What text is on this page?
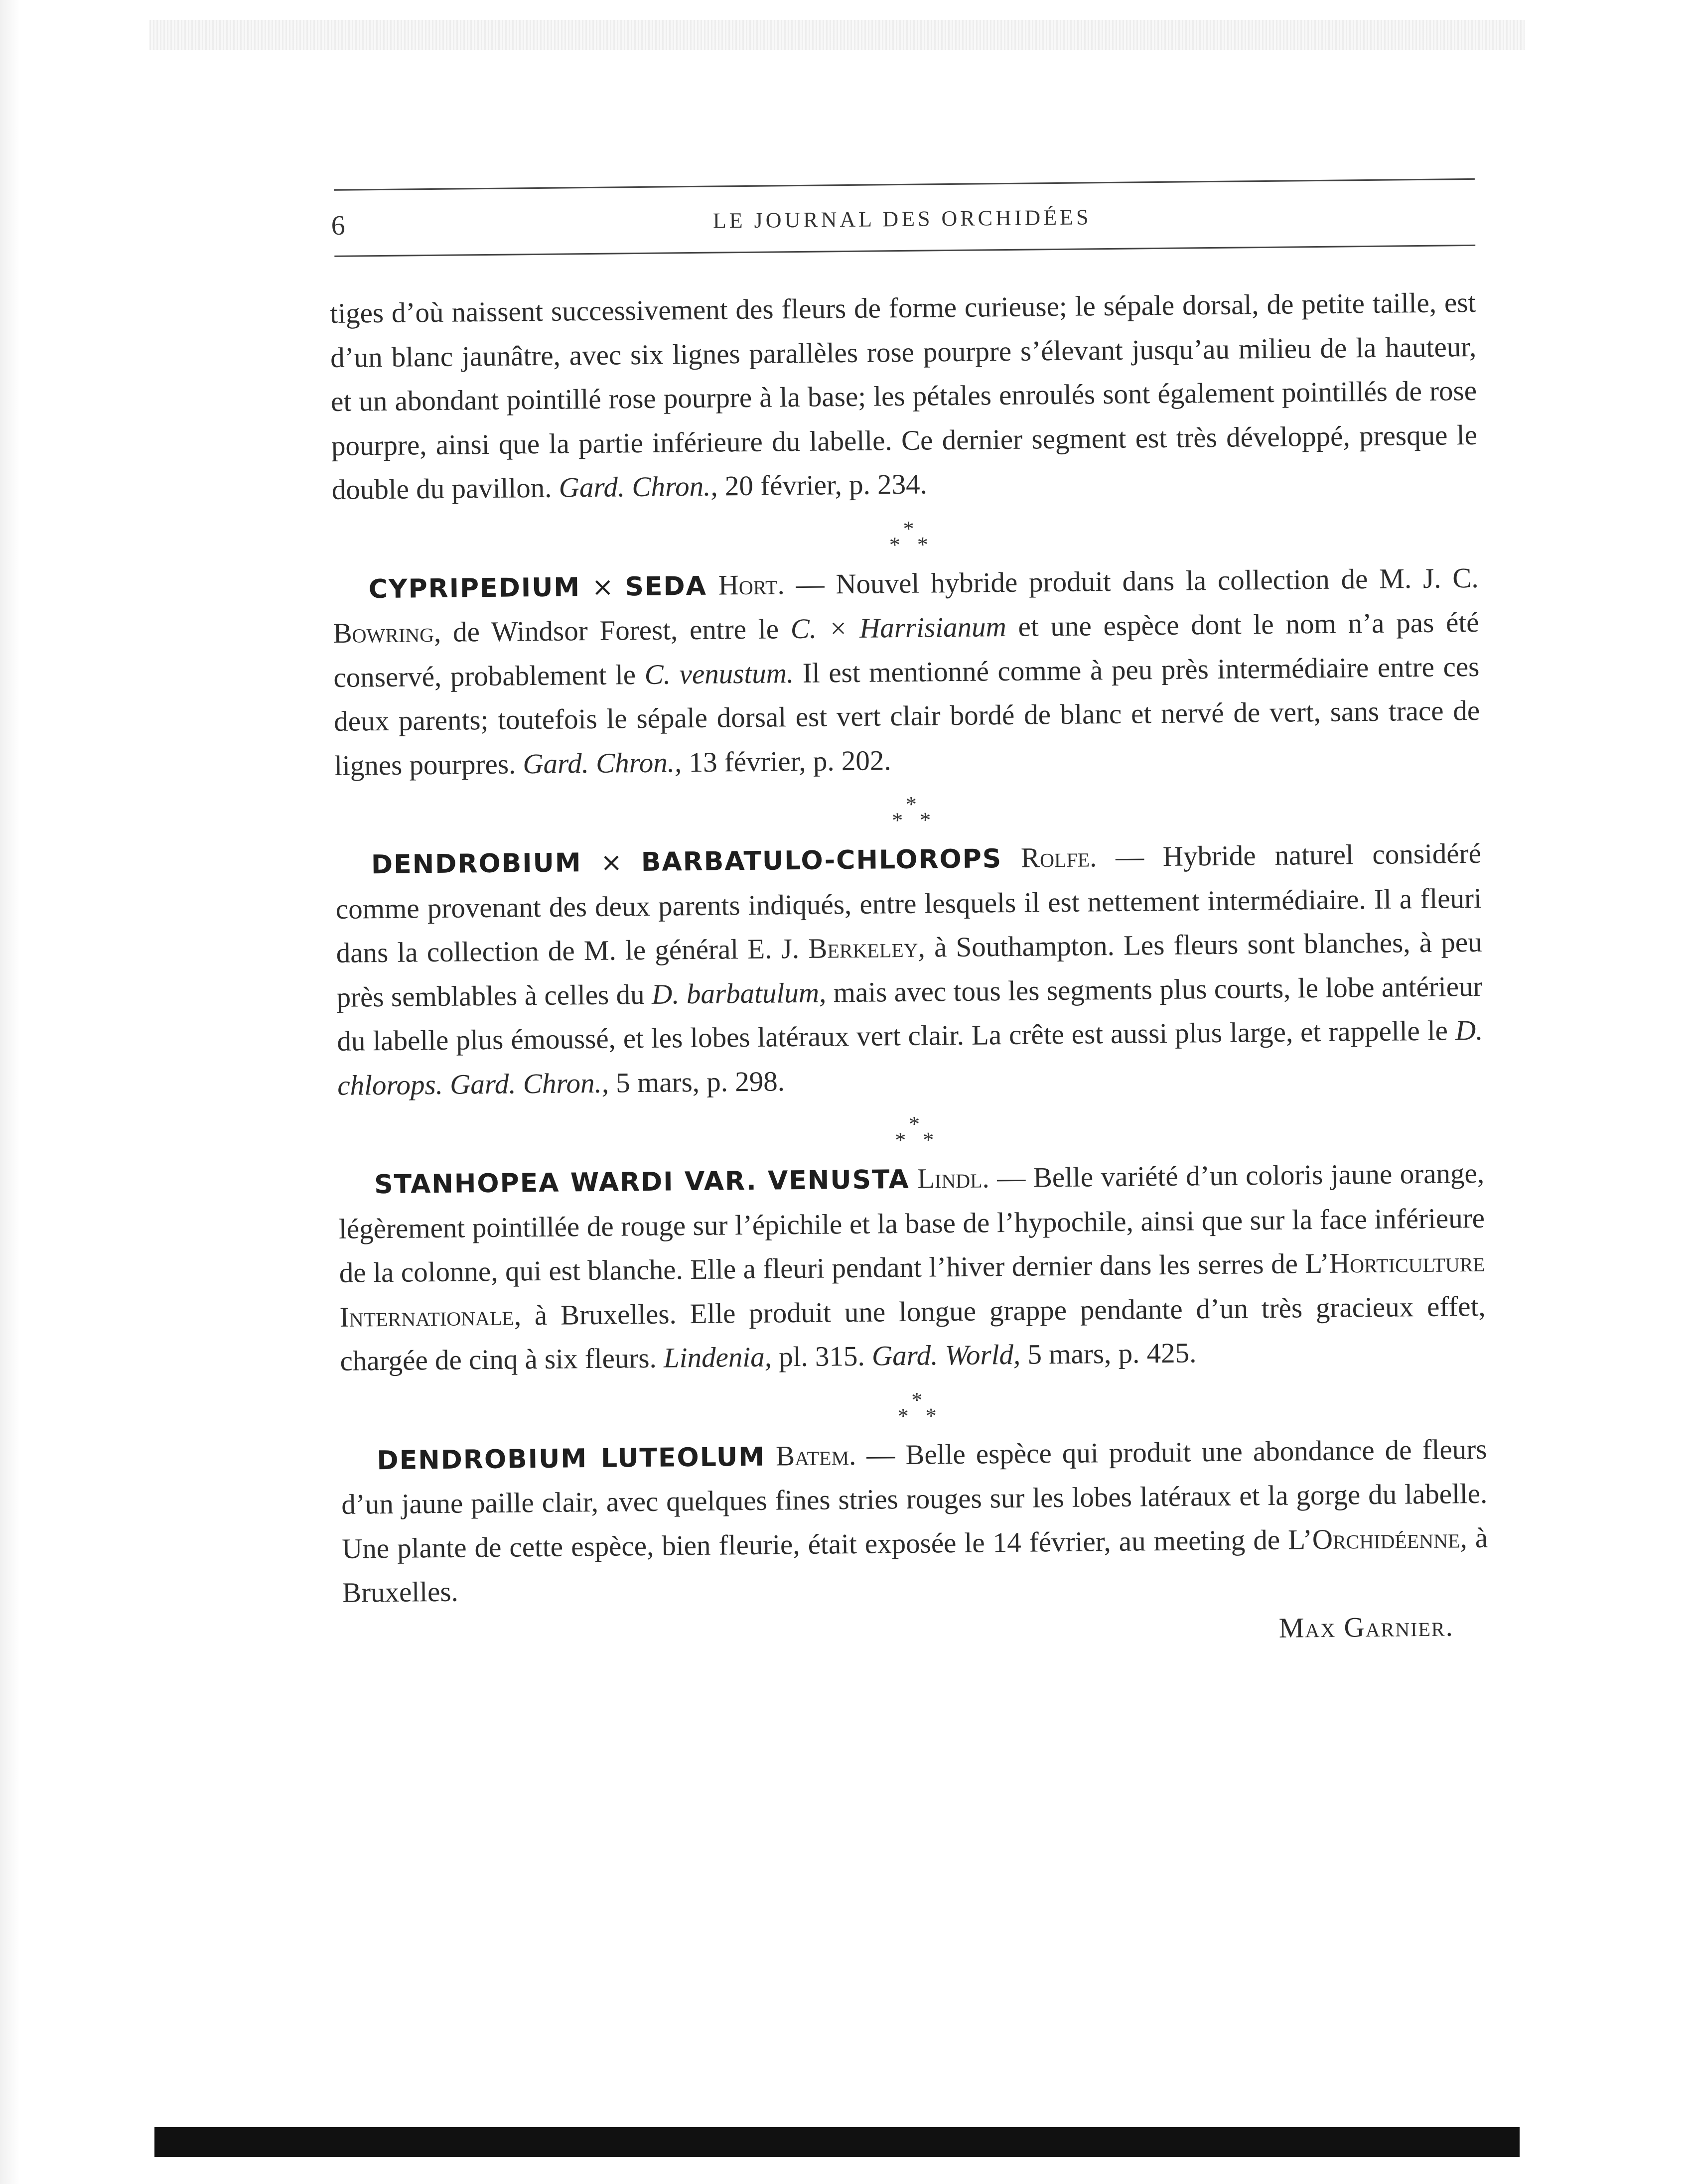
6	LE JOURNAL DES ORCHIDÉES

tiges d’où naissent successivement des fleurs de forme curieuse; le sépale dorsal, de petite taille, est d’un blanc jaunâtre, avec six lignes parallèles rose pourpre s’élevant jusqu’au milieu de la hauteur, et un abondant pointillé rose pourpre à la base; les pétales enroulés sont également pointillés de rose pourpre, ainsi que la partie inférieure du labelle. Ce dernier segment est très développé, presque le double du pavillon. Gard. Chron., 20 février, p. 234.

*
* *

CYPRIPEDIUM × SEDA Hort. — Nouvel hybride produit dans la collection de M. J. C. Bowring, de Windsor Forest, entre le C. × Harrisianum et une espèce dont le nom n’a pas été conservé, probablement le C. venustum. Il est mentionné comme à peu près intermédiaire entre ces deux parents; toutefois le sépale dorsal est vert clair bordé de blanc et nervé de vert, sans trace de lignes pourpres. Gard. Chron., 13 février, p. 202.

*
* *

DENDROBIUM × BARBATULO-CHLOROPS Rolfe. — Hybride naturel considéré comme provenant des deux parents indiqués, entre lesquels il est nettement intermédiaire. Il a fleuri dans la collection de M. le général E. J. Berkeley, à Southampton. Les fleurs sont blanches, à peu près semblables à celles du D. barbatulum, mais avec tous les segments plus courts, le lobe antérieur du labelle plus émoussé, et les lobes latéraux vert clair. La crête est aussi plus large, et rappelle le D. chlorops. Gard. Chron., 5 mars, p. 298.

*
* *

STANHOPEA WARDI VAR. VENUSTA Lindl. — Belle variété d’un coloris jaune orange, légèrement pointillée de rouge sur l’épichile et la base de l’hypochile, ainsi que sur la face inférieure de la colonne, qui est blanche. Elle a fleuri pendant l’hiver dernier dans les serres de L’Horticulture Internationale, à Bruxelles. Elle produit une longue grappe pendante d’un très gracieux effet, chargée de cinq à six fleurs. Lindenia, pl. 315. Gard. World, 5 mars, p. 425.

*
* *

DENDROBIUM LUTEOLUM Batem. — Belle espèce qui produit une abondance de fleurs d’un jaune paille clair, avec quelques fines stries rouges sur les lobes latéraux et la gorge du labelle. Une plante de cette espèce, bien fleurie, était exposée le 14 février, au meeting de L’Orchidéenne, à Bruxelles.

Max Garnier.
